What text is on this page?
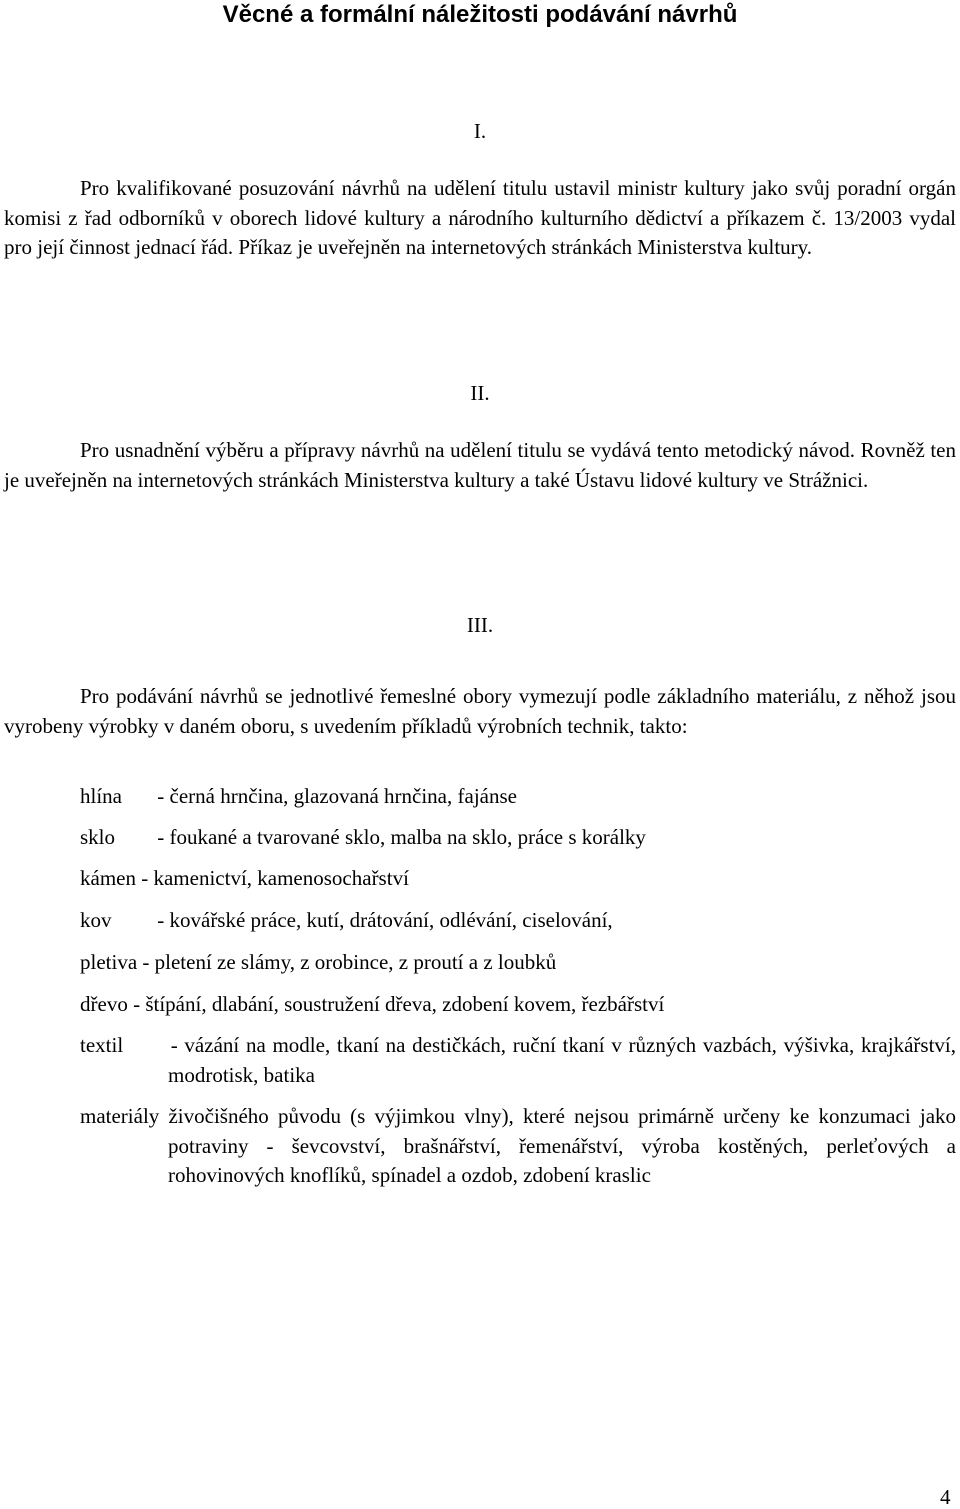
Věcné a formální náležitosti podávání návrhů
I.

Pro kvalifikované posuzování návrhů na udělení titulu ustavil ministr kultury jako svůj poradní orgán komisi z řad odborníků v oborech lidové kultury a národního kulturního dědictví a příkazem č. 13/2003 vydal pro její činnost jednací řád. Příkaz je uveřejněn na internetových stránkách Ministerstva kultury.

II.

Pro usnadnění výběru a přípravy návrhů na udělení titulu se vydává tento metodický návod. Rovněž ten je uveřejněn na internetových stránkách Ministerstva kultury a také Ústavu lidové kultury ve Strážnici.

III.

Pro podávání návrhů se jednotlivé řemeslné obory vymezují podle základního materiálu, z něhož jsou vyrobeny výrobky v daném oboru, s uvedením příkladů výrobních technik, takto:

hlína - černá hrnčina, glazovaná hrnčina, fajánse

sklo - foukané a tvarované sklo, malba na sklo, práce s korálky

kámen - kamenictví, kamenosochařství

kov - kovářské práce, kutí, drátování, odlévání, ciselování,

pletiva - pletení ze slámy, z orobince, z proutí a z loubků

dřevo - štípání, dlabání, soustružení dřeva, zdobení kovem, řezbářství

textil - vázání na modle, tkaní na destičkách, ruční tkaní v různých vazbách, výšivka, krajkářství, modrotisk, batika

materiály živočišného původu (s výjimkou vlny), které nejsou primárně určeny ke konzumaci jako potraviny - ševcovství, brašnářství, řemenářství, výroba kostěných, perleťových a rohovinových knoflíků, spínadel a ozdob, zdobení kraslic

4
